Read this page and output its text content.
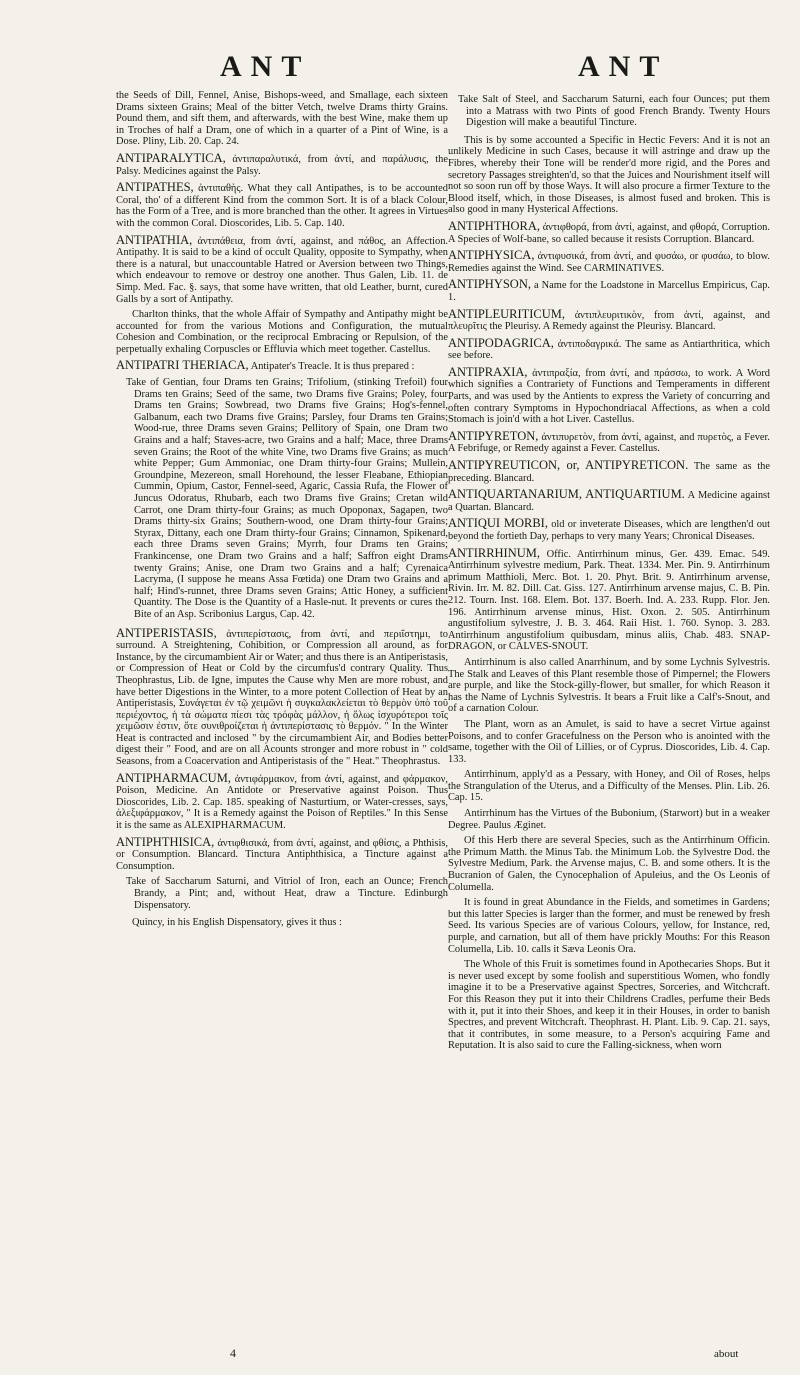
ANT	ANT

the Seeds of Dill, Fennel, Anise, Bishops-weed, and Smallage, each sixteen Drams sixteen Grains; Meal of the bitter Vetch, twelve Drams thirty Grains. Pound them, and sift them, and afterwards, with the best Wine, make them up in Troches of half a Dram, one of which in a quarter of a Pint of Wine, is a Dose. Pliny, Lib. 20. Cap. 24.

ANTIPARALYTICA, ἀντιπαραλυτικά, from ἀντί, and παράλυσις, the Palsy. Medicines against the Palsy.

ANTIPATHES, ἀντιπαθὴς. What they call Antipathes, is to be accounted Coral, tho' of a different Kind from the common Sort. It is of a black Colour, has the Form of a Tree, and is more branched than the other. It agrees in Virtues with the common Coral. Dioscorides, Lib. 5. Cap. 140.

ANTIPATHIA, ἀντιπάθεια, from ἀντί, against, and πάθος, an Affection. Antipathy. It is said to be a kind of occult Quality, opposite to Sympathy, when there is a natural, but unaccountable Hatred or Aversion between two Things, which endeavour to remove or destroy one another. Thus Galen, Lib. 11. de Simp. Med. Fac. §. says, that some have written, that old Leather, burnt, cured Galls by a sort of Antipathy.

Charlton thinks, that the whole Affair of Sympathy and Antipathy might be accounted for from the various Motions and Configuration, the mutual Cohesion and Combination, or the reciprocal Embracing or Repulsion, of the perpetually exhaling Corpuscles or Effluvia which meet together. Castellus.

ANTIPATRI THERIACA, Antipater's Treacle. It is thus prepared :

Take of Gentian, four Drams ten Grains; Trifolium, (stinking Trefoil) four Drams ten Grains; Seed of the same, two Drams five Grains; Poley, four Drams ten Grains; Sowbread, two Drams five Grains; Hog's-fennel, Galbanum, each two Drams five Grains; Parsley, four Drams ten Grains; Wood-rue, three Drams seven Grains; Pellitory of Spain, one Dram two Grains and a half; Staves-acre, two Grains and a half; Mace, three Drams seven Grains; the Root of the white Vine, two Drams five Grains; as much white Pepper; Gum Ammoniac, one Dram thirty-four Grains; Mullein, Groundpine, Mezereon, small Horehound, the lesser Fleabane, Ethiopian Cummin, Opium, Castor, Fennel-seed, Agaric, Cassia Rufa, the Flower of Juncus Odoratus, Rhubarb, each two Drams five Grains; Cretan wild Carrot, one Dram thirty-four Grains; as much Opoponax, Sagapen, two Drams thirty-six Grains; Southern-wood, one Dram thirty-four Grains; Styrax, Dittany, each one Dram thirty-four Grains; Cinnamon, Spikenard, each three Drams seven Grains; Myrrh, four Drams ten Grains; Frankincense, one Dram two Grains and a half; Saffron eight Drams twenty Grains; Anise, one Dram two Grains and a half; Cyrenaica Lacryma, (I suppose he means Assa Fœtida) one Dram two Grains and a half; Hind's-runnet, three Drams seven Grains; Attic Honey, a sufficient Quantity. The Dose is the Quantity of a Hasle-nut. It prevents or cures the Bite of an Asp. Scribonius Largus, Cap. 42.

ANTIPERISTASIS, ἀντιπερίστασις, from ἀντί, and περιΐστημι, to surround. A Streightening, Cohibition, or Compression all around, as for Instance, by the circumambient Air or Water; and thus there is an Antiperistasis, or Compression of Heat or Cold by the circumfus'd contrary Quality. Thus Theophrastus, Lib. de Igne, imputes the Cause why Men are more robust, and have better Digestions in the Winter, to a more potent Collection of Heat by an Antiperistasis, Συνάγεται ἐν τῷ χειμῶνι ἡ συγκαλακλείεται τὸ θερμὸν ὑπὸ τοῦ περιέχοντος, ἡ τὰ σώματα πίεσι τὰς τρόφὰς μάλλον, ἡ ὅλως ἰσχυρότεροι τοῖς χειμῶσιν ἐστιν, ὅτε συνιθροίζεται ἡ ἀντιπερίστασις τὸ θερμόν. " In the Winter Heat is contracted and inclosed " by the circumambient Air, and Bodies better digest their " Food, and are on all Acounts stronger and more robust in " cold Seasons, from a Coacervation and Antiperistasis of the " Heat." Theophrastus.

ANTIPHARMACUM, ἀντιφάρμακον, from ἀντί, against, and φάρμακον, Poison, Medicine. An Antidote or Preservative against Poison. Thus Dioscorides, Lib. 2. Cap. 185. speaking of Nasturtium, or Water-cresses, says, ἀλεξιφάρμακον, " It is a Remedy against the Poison of Reptiles." In this Sense it is the same as ALEXIPHARMACUM.

ANTIPHTHISICA, ἀντιφθισικά, from ἀντί, against, and φθίσις, a Phthisis, or Consumption. Blancard. Tinctura Antiphthisica, a Tincture against a Consumption.

Take of Saccharum Saturni, and Vitriol of Iron, each an Ounce; French Brandy, a Pint; and, without Heat, draw a Tincture. Edinburgh Dispensatory.

Quincy, in his English Dispensatory, gives it thus :

Take Salt of Steel, and Saccharum Saturni, each four Ounces; put them into a Matrass with two Pints of good French Brandy. Twenty Hours Digestion will make a beautiful Tincture.

This is by some accounted a Specific in Hectic Fevers: And it is not an unlikely Medicine in such Cases, because it will astringe and draw up the Fibres, whereby their Tone will be render'd more rigid, and the Pores and secretory Passages streighten'd, so that the Juices and Nourishment itself will not so soon run off by those Ways. It will also procure a firmer Texture to the Blood itself, which, in those Diseases, is almost fused and broken. This is also good in many Hysterical Affections.

ANTIPHTHORA, ἀντιφθορά, from ἀντί, against, and φθορά, Corruption. A Species of Wolf-bane, so called because it resists Corruption. Blancard.

ANTIPHYSICA, ἀντιφυσικά, from ἀντί, and φυσάω, or φυσάω, to blow. Remedies against the Wind. See CARMINATIVES.

ANTIPHYSON, a Name for the Loadstone in Marcellus Empiricus, Cap. 1.

ANTIPLEURITICUM, ἀντιπλευριτικὸν, from ἀντί, against, and πλευρῖτις the Pleurisy. A Remedy against the Pleurisy. Blancard.

ANTIPODAGRICA, ἀντιποδαγρικά. The same as Antiarthritica, which see before.

ANTIPRAXIA, ἀντιπραξία, from ἀντί, and πράσσω, to work. A Word which signifies a Contrariety of Functions and Temperaments in different Parts, and was used by the Antients to express the Variety of concurring and often contrary Symptoms in Hypochondriacal Affections, as when a cold Stomach is join'd with a hot Liver. Castellus.

ANTIPYRETON, ἀντιπυρετὸν, from ἀντί, against, and πυρετὸς, a Fever. A Febrifuge, or Remedy against a Fever. Castellus.

ANTIPYREUTICON, or, ANTIPYRETICON. The same as the preceding. Blancard.

ANTIQUARTANARIUM, ANTIQUARTIUM. A Medicine against a Quartan. Blancard.

ANTIQUI MORBI, old or inveterate Diseases, which are lengthen'd out beyond the fortieth Day, perhaps to very many Years; Chronical Diseases.

ANTIRRHINUM, Offic. Antirrhinum minus, Ger. 439. Emac. 549. Antirrhinum sylvestre medium, Park. Theat. 1334. Mer. Pin. 9. Antirrhinum primum Matthioli, Merc. Bot. 1. 20. Phyt. Brit. 9. Antirrhinum arvense, Rivin. Irr. M. 82. Dill. Cat. Giss. 127. Antirrhinum arvense majus, C. B. Pin. 212. Tourn. Inst. 168. Elem. Bot. 137. Boerh. Ind. A. 233. Rupp. Flor. Jen. 196. Antirrhinum arvense minus, Hist. Oxon. 2. 505. Antirrhinum angustifolium sylvestre, J. B. 3. 464. Raii Hist. 1. 760. Synop. 3. 283. Antirrhinum angustifolium quibusdam, minus aliis, Chab. 483. SNAP-DRAGON, or CALVES-SNOUT.

Antirrhinum is also called Anarrhinum, and by some Lychnis Sylvestris. The Stalk and Leaves of this Plant resemble those of Pimpernel; the Flowers are purple, and like the Stock-gilly-flower, but smaller, for which Reason it has the Name of Lychnis Sylvestris. It bears a Fruit like a Calf's-Snout, and of a carnation Colour.

The Plant, worn as an Amulet, is said to have a secret Virtue against Poisons, and to confer Gracefulness on the Person who is anointed with the same, together with the Oil of Lillies, or of Cyprus. Dioscorides, Lib. 4. Cap. 133.

Antirrhinum, apply'd as a Pessary, with Honey, and Oil of Roses, helps the Strangulation of the Uterus, and a Difficulty of the Menses. Plin. Lib. 26. Cap. 15.

Antirrhinum has the Virtues of the Bubonium, (Starwort) but in a weaker Degree. Paulus Æginet.

Of this Herb there are several Species, such as the Antirrhinum Officin. the Primum Matth. the Minus Tab. the Minimum Lob. the Sylvestre Dod. the Sylvestre Medium, Park. the Arvense majus, C. B. and some others. It is the Bucranion of Galen, the Cynocephalion of Apuleius, and the Os Leonis of Columella.

It is found in great Abundance in the Fields, and sometimes in Gardens; but this latter Species is larger than the former, and must be renewed by fresh Seed. Its various Species are of various Colours, yellow, for Instance, red, purple, and carnation, but all of them have prickly Mouths: For this Reason Columella, Lib. 10. calls it Sæva Leonis Ora.

The Whole of this Fruit is sometimes found in Apothecaries Shops. But it is never used except by some foolish and superstitious Women, who fondly imagine it to be a Preservative against Spectres, Sorceries, and Witchcraft. For this Reason they put it into their Childrens Cradles, perfume their Beds with it, put it into their Shoes, and keep it in their Houses, in order to banish Spectres, and prevent Witchcraft. Theophrast. H. Plant. Lib. 9. Cap. 21. says, that it contributes, in some measure, to a Person's acquiring Fame and Reputation. It is also said to cure the Falling-sickness, when worn

4	about
